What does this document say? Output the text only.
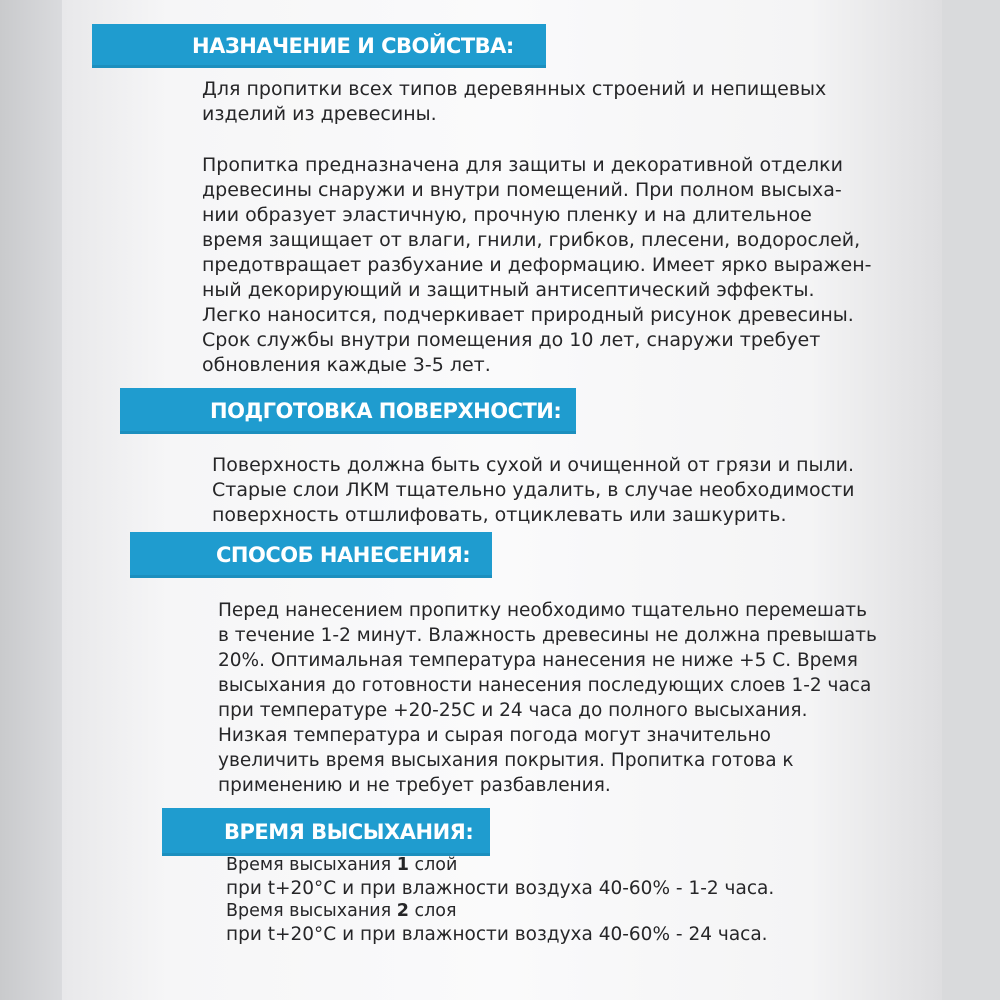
НАЗНАЧЕНИЕ И СВОЙСТВА:

Для пропитки всех типов деревянных строений и непищевых
изделий из древесины.

Пропитка предназначена для защиты и декоративной отделки
древесины снаружи и внутри помещений. При полном высыха-
нии образует эластичную, прочную пленку и на длительное
время защищает от влаги, гнили, грибков, плесени, водорослей,
предотвращает разбухание и деформацию. Имеет ярко выражен-
ный декорирующий и защитный антисептический эффекты.
Легко наносится, подчеркивает природный рисунок древесины.
Срок службы внутри помещения до 10 лет, снаружи требует
обновления каждые 3-5 лет.

ПОДГОТОВКА ПОВЕРХНОСТИ:

Поверхность должна быть сухой и очищенной от грязи и пыли.
Старые слои ЛКМ тщательно удалить, в случае необходимости
поверхность отшлифовать, отциклевать или зашкурить.

СПОСОБ НАНЕСЕНИЯ:

Перед нанесением пропитку необходимо тщательно перемешать
в течение 1-2 минут. Влажность древесины не должна превышать
20%. Оптимальная температура нанесения не ниже +5 С. Время
высыхания до готовности нанесения последующих слоев 1-2 часа
при температуре +20-25С и 24 часа до полного высыхания.
Низкая температура и сырая погода могут значительно
увеличить время высыхания покрытия. Пропитка готова к
применению и не требует разбавления.

ВРЕМЯ ВЫСЫХАНИЯ:
Время высыхания 1 слой
при t+20°C и при влажности воздуха 40-60% - 1-2 часа.
Время высыхания 2 слоя
при t+20°C и при влажности воздуха 40-60% - 24 часа.
